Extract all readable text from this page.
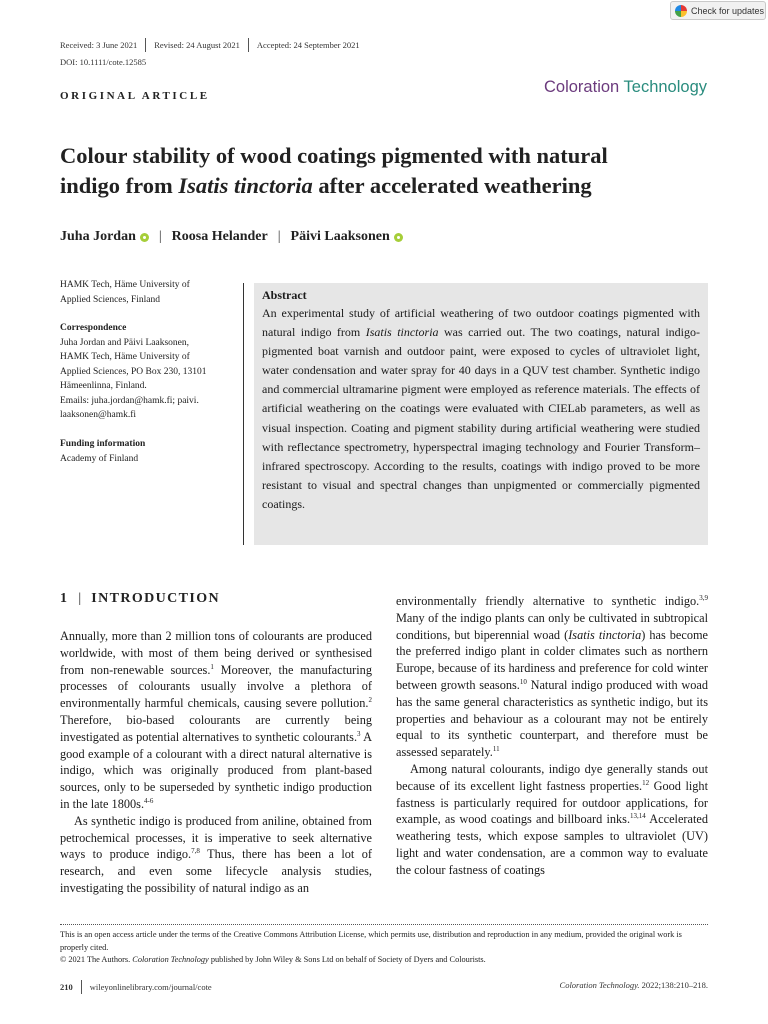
Check for updates
Received: 3 June 2021 Revised: 24 August 2021 Accepted: 24 September 2021
DOI: 10.1111/cote.12585
ORIGINAL ARTICLE	Coloration Technology
Colour stability of wood coatings pigmented with natural
indigo from Isatis tinctoria after accelerated weathering
Juha Jordan | Roosa Helander | Päivi Laaksonen
HAMK Tech, Häme University of
Applied Sciences, Finland
Correspondence
Juha Jordan and Päivi Laaksonen,
HAMK Tech, Häme University of
Applied Sciences, PO Box 230, 13101
Hämeenlinna, Finland.
Emails: juha.jordan@hamk.fi; paivi.
laaksonen@hamk.fi
Funding information
Academy of Finland
Abstract

An experimental study of artificial weathering of two outdoor coatings pigmented with natural indigo from Isatis tinctoria was carried out. The two coatings, natural indigo-pigmented boat varnish and outdoor paint, were exposed to cycles of ultraviolet light, water condensation and water spray for 40 days in a QUV test chamber. Synthetic indigo and commercial ultramarine pigment were employed as reference materials. The effects of artificial weathering on the coatings were evaluated with CIELab parameters, as well as visual inspection. Coating and pigment stability during artificial weathering were studied with reflectance spectrometry, hyperspectral imaging technology and Fourier Transform–infrared spectroscopy. According to the results, coatings with indigo proved to be more resistant to visual and spectral changes than unpigmented or commercially pigmented coatings.

1 | INTRODUCTION

Annually, more than 2 million tons of colourants are produced worldwide, with most of them being derived or synthesised from non-renewable sources.$^1$ Moreover, the manufacturing processes of colourants usually involve a plethora of environmentally harmful chemicals, causing severe pollution.$^2$ Therefore, bio-based colourants are currently being investigated as potential alternatives to synthetic colourants.$^3$ A good example of a colourant with a direct natural alternative is indigo, which was originally produced from plant-based sources, only to be superseded by synthetic indigo production in the late 1800s.$^{4-6}$

As synthetic indigo is produced from aniline, obtained from petrochemical processes, it is imperative to seek alternative ways to produce indigo.$^{7,8}$ Thus, there has been a lot of research, and even some lifecycle analysis studies, investigating the possibility of natural indigo as an

environmentally friendly alternative to synthetic indigo.$^{3,9}$ Many of the indigo plants can only be cultivated in subtropical conditions, but biperennial woad (Isatis tinctoria) has become the preferred indigo plant in colder climates such as northern Europe, because of its hardiness and preference for cold winter between growth seasons.$^{10}$ Natural indigo produced with woad has the same general characteristics as synthetic indigo, but its properties and behaviour as a colourant may not be entirely equal to its synthetic counterpart, and therefore must be assessed separately.$^{11}$

Among natural colourants, indigo dye generally stands out because of its excellent light fastness properties.$^{12}$ Good light fastness is particularly required for outdoor applications, for example, as wood coatings and billboard inks.$^{13,14}$ Accelerated weathering tests, which expose samples to ultraviolet (UV) light and water condensation, are a common way to evaluate the colour fastness of coatings

This is an open access article under the terms of the Creative Commons Attribution License, which permits use, distribution and reproduction in any medium, provided the original work is properly cited.
© 2021 The Authors. Coloration Technology published by John Wiley & Sons Ltd on behalf of Society of Dyers and Colourists.
210 wileyonlinelibrary.com/journal/cote	Coloration Technology. 2022;138:210–218.
